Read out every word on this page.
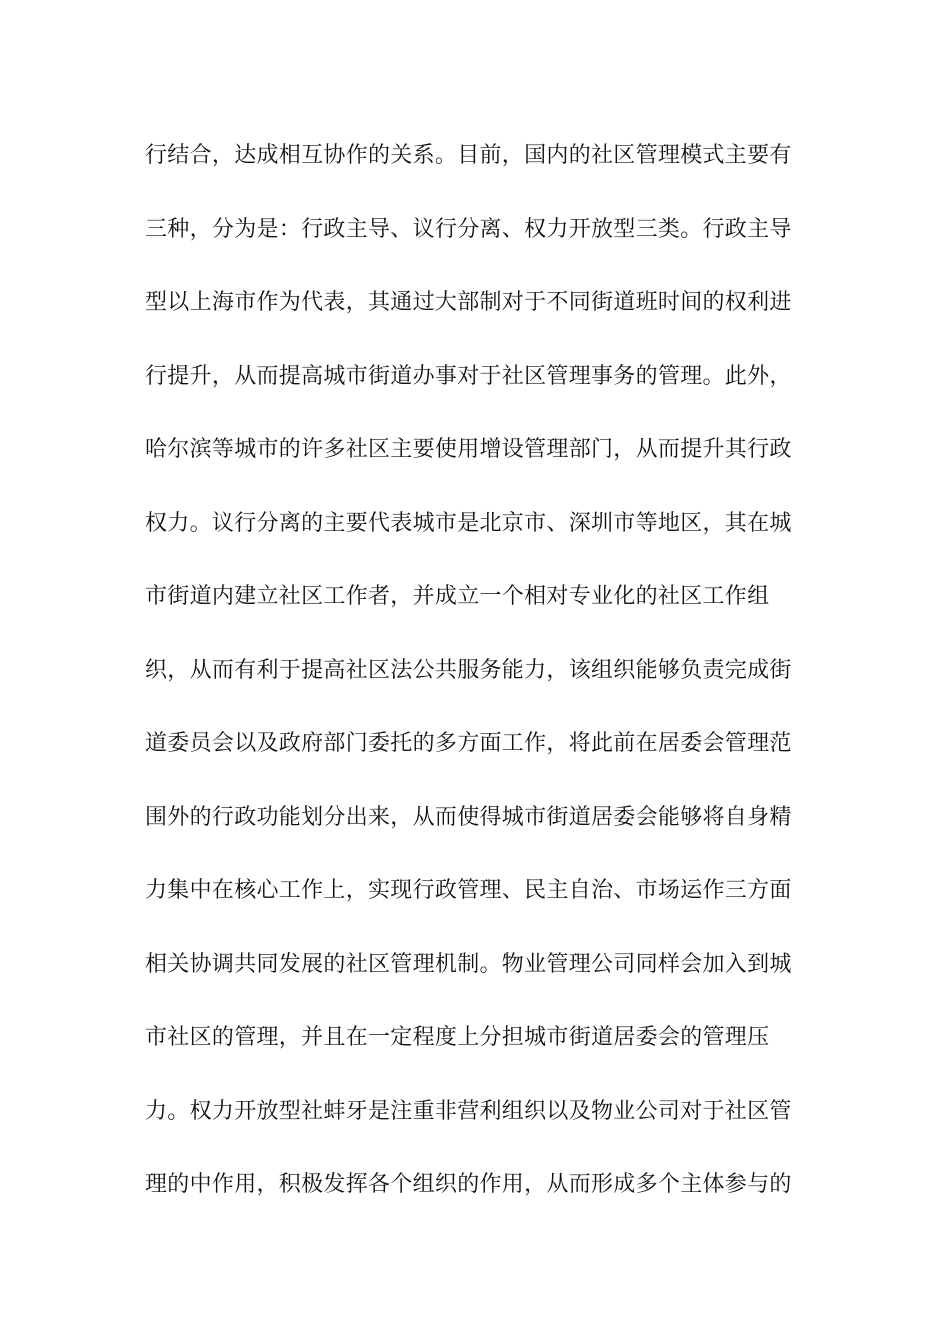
行结合，达成相互协作的关系。目前，国内的社区管理模式主要有
三种，分为是：行政主导、议行分离、权力开放型三类。行政主导
型以上海市作为代表，其通过大部制对于不同街道班时间的权利进
行提升，从而提高城市街道办事对于社区管理事务的管理。此外，
哈尔滨等城市的许多社区主要使用增设管理部门，从而提升其行政
权力。议行分离的主要代表城市是北京市、深圳市等地区，其在城
市街道内建立社区工作者，并成立一个相对专业化的社区工作组
织，从而有利于提高社区法公共服务能力，该组织能够负责完成街
道委员会以及政府部门委托的多方面工作，将此前在居委会管理范
围外的行政功能划分出来，从而使得城市街道居委会能够将自身精
力集中在核心工作上，实现行政管理、民主自治、市场运作三方面
相关协调共同发展的社区管理机制。物业管理公司同样会加入到城
市社区的管理，并且在一定程度上分担城市街道居委会的管理压
力。权力开放型社蚌牙是注重非营利组织以及物业公司对于社区管
理的中作用，积极发挥各个组织的作用，从而形成多个主体参与的
